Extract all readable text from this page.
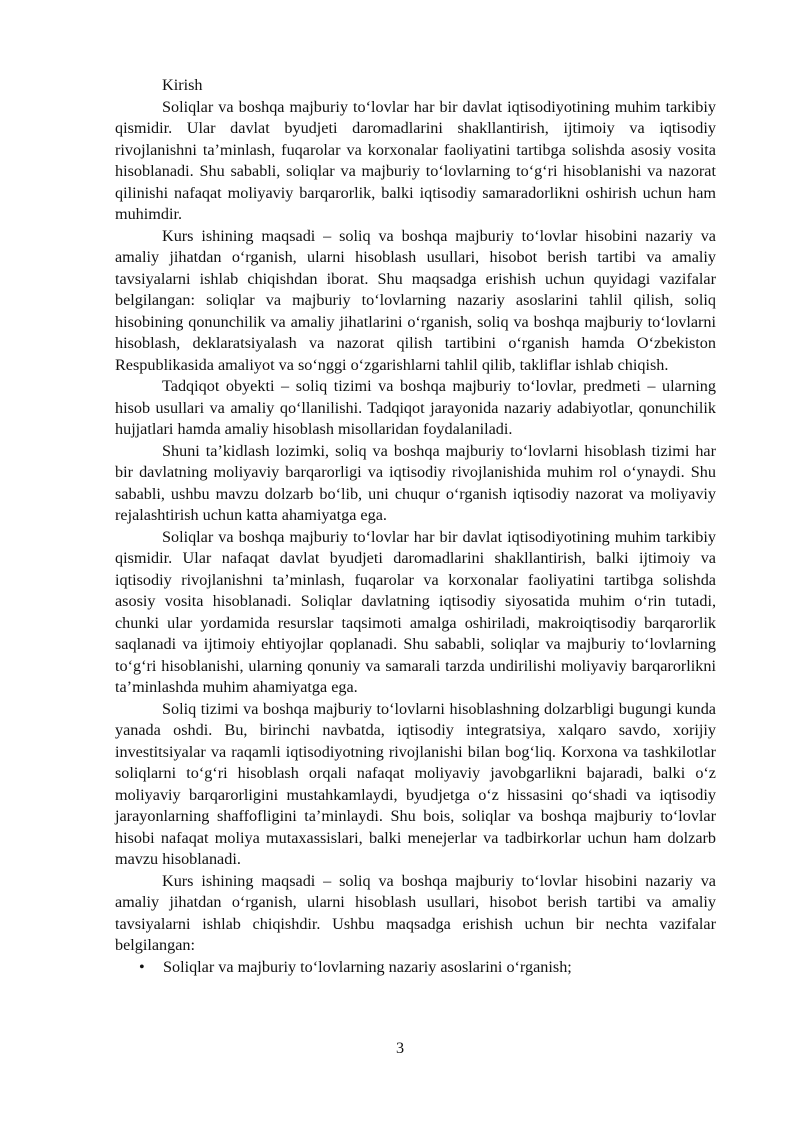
Kirish

Soliqlar va boshqa majburiy to‘lovlar har bir davlat iqtisodiyotining muhim tarkibiy qismidir. Ular davlat byudjeti daromadlarini shakllantirish, ijtimoiy va iqtisodiy rivojlanishni ta’minlash, fuqarolar va korxonalar faoliyatini tartibga solishda asosiy vosita hisoblanadi. Shu sababli, soliqlar va majburiy to‘lovlarning to‘g‘ri hisoblanishi va nazorat qilinishi nafaqat moliyaviy barqarorlik, balki iqtisodiy samaradorlikni oshirish uchun ham muhimdir.

Kurs ishining maqsadi – soliq va boshqa majburiy to‘lovlar hisobini nazariy va amaliy jihatdan o‘rganish, ularni hisoblash usullari, hisobot berish tartibi va amaliy tavsiyalarni ishlab chiqishdan iborat. Shu maqsadga erishish uchun quyidagi vazifalar belgilangan: soliqlar va majburiy to‘lovlarning nazariy asoslarini tahlil qilish, soliq hisobining qonunchilik va amaliy jihatlarini o‘rganish, soliq va boshqa majburiy to‘lovlarni hisoblash, deklaratsiyalash va nazorat qilish tartibini o‘rganish hamda O‘zbekiston Respublikasida amaliyot va so‘nggi o‘zgarishlarni tahlil qilib, takliflar ishlab chiqish.

Tadqiqot obyekti – soliq tizimi va boshqa majburiy to‘lovlar, predmeti – ularning hisob usullari va amaliy qo‘llanilishi. Tadqiqot jarayonida nazariy adabiyotlar, qonunchilik hujjatlari hamda amaliy hisoblash misollaridan foydalaniladi.

Shuni ta’kidlash lozimki, soliq va boshqa majburiy to‘lovlarni hisoblash tizimi har bir davlatning moliyaviy barqarorligi va iqtisodiy rivojlanishida muhim rol o‘ynaydi. Shu sababli, ushbu mavzu dolzarb bo‘lib, uni chuqur o‘rganish iqtisodiy nazorat va moliyaviy rejalashtirish uchun katta ahamiyatga ega.

Soliqlar va boshqa majburiy to‘lovlar har bir davlat iqtisodiyotining muhim tarkibiy qismidir. Ular nafaqat davlat byudjeti daromadlarini shakllantirish, balki ijtimoiy va iqtisodiy rivojlanishni ta’minlash, fuqarolar va korxonalar faoliyatini tartibga solishda asosiy vosita hisoblanadi. Soliqlar davlatning iqtisodiy siyosatida muhim o‘rin tutadi, chunki ular yordamida resurslar taqsimoti amalga oshiriladi, makroiqtisodiy barqarorlik saqlanadi va ijtimoiy ehtiyojlar qoplanadi. Shu sababli, soliqlar va majburiy to‘lovlarning to‘g‘ri hisoblanishi, ularning qonuniy va samarali tarzda undirilishi moliyaviy barqarorlikni ta’minlashda muhim ahamiyatga ega.

Soliq tizimi va boshqa majburiy to‘lovlarni hisoblashning dolzarbligi bugungi kunda yanada oshdi. Bu, birinchi navbatda, iqtisodiy integratsiya, xalqaro savdo, xorijiy investitsiyalar va raqamli iqtisodiyotning rivojlanishi bilan bog‘liq. Korxona va tashkilotlar soliqlarni to‘g‘ri hisoblash orqali nafaqat moliyaviy javobgarlikni bajaradi, balki o‘z moliyaviy barqarorligini mustahkamlaydi, byudjetga o‘z hissasini qo‘shadi va iqtisodiy jarayonlarning shaffofligini ta’minlaydi. Shu bois, soliqlar va boshqa majburiy to‘lovlar hisobi nafaqat moliya mutaxassislari, balki menejerlar va tadbirkorlar uchun ham dolzarb mavzu hisoblanadi.

Kurs ishining maqsadi – soliq va boshqa majburiy to‘lovlar hisobini nazariy va amaliy jihatdan o‘rganish, ularni hisoblash usullari, hisobot berish tartibi va amaliy tavsiyalarni ishlab chiqishdir. Ushbu maqsadga erishish uchun bir nechta vazifalar belgilangan:

• Soliqlar va majburiy to‘lovlarning nazariy asoslarini o‘rganish;
3
